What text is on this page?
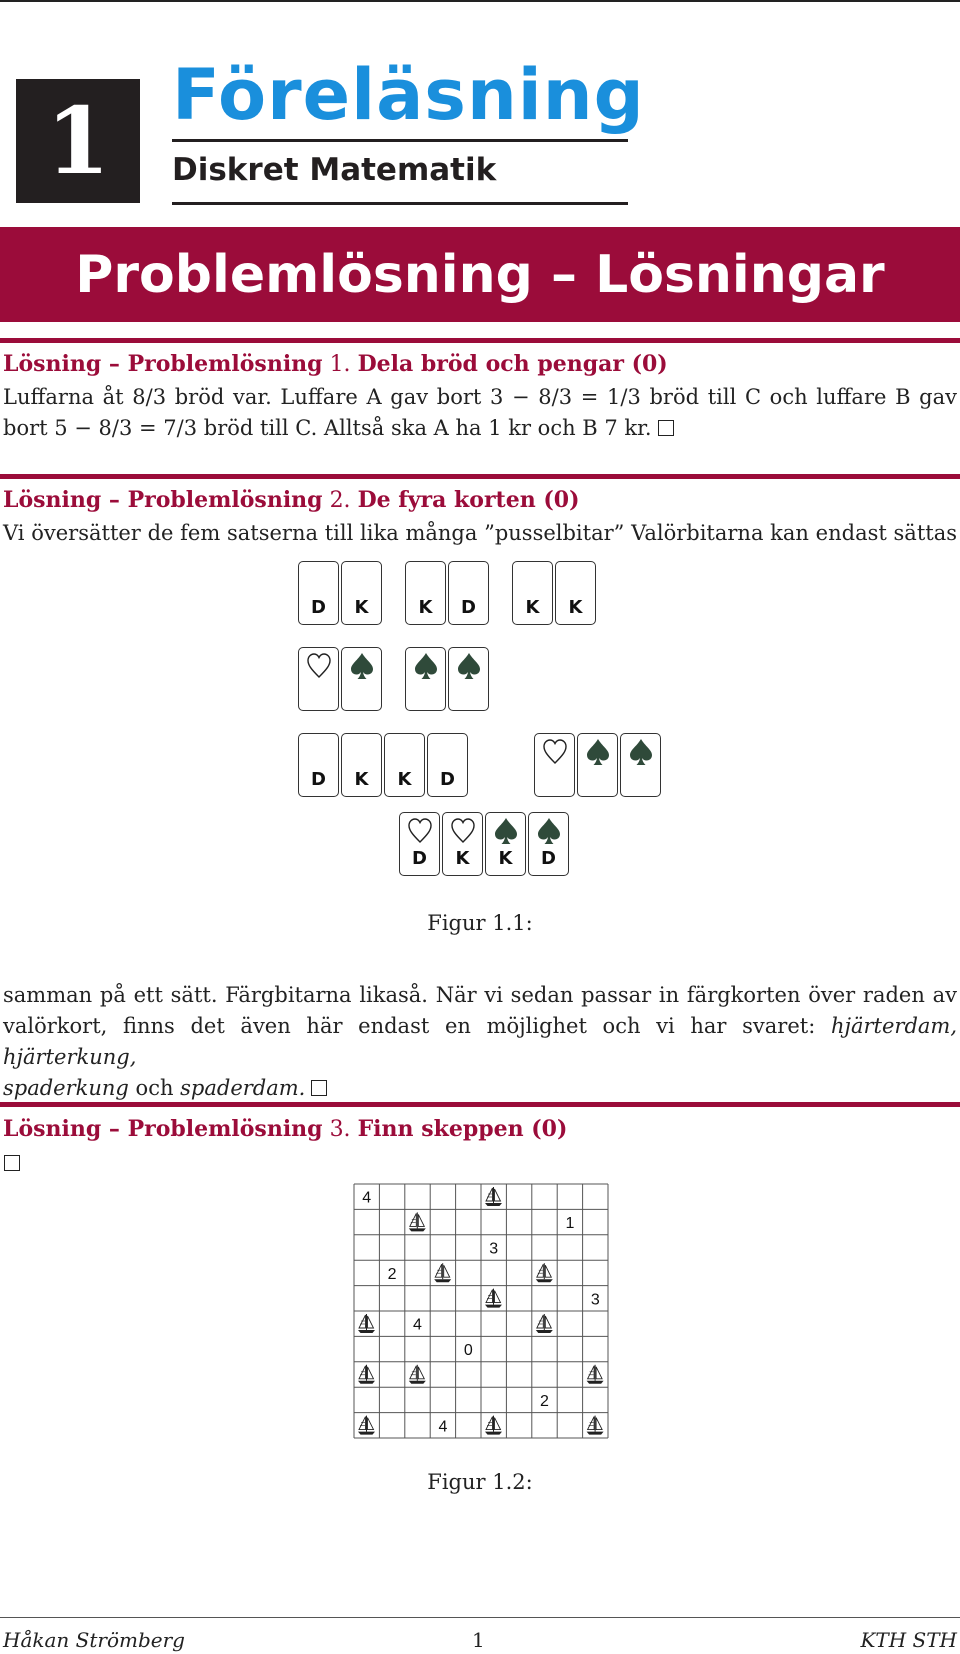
1 Föreläsning
Diskret Matematik
Problemlösning – Lösningar
Lösning – Problemlösning 1. Dela bröd och pengar (0)
Luffarna åt 8/3 bröd var. Luffare A gav bort 3 − 8/3 = 1/3 bröd till C och luffare B gav
bort 5 − 8/3 = 7/3 bröd till C. Alltså ska A ha 1 kr och B 7 kr.
Lösning – Problemlösning 2. De fyra korten (0)
Vi översätter de fem satserna till lika många ”pusselbitar” Valörbitarna kan endast sättas
D	K	K	D	K	K
D	K	K	D
D	K	K	D
Figur 1.1:
samman på ett sätt. Färgbitarna likaså. När vi sedan passar in färgkorten över raden av
valörkort, finns det även här endast en möjlighet och vi har svaret: hjärterdam, hjärterkung,
spaderkung och spaderdam.
Lösning – Problemlösning 3. Finn skeppen (0)
4
1
3
2
3
4
0
2
4
Figur 1.2:
Håkan Strömberg	1	KTH STH
